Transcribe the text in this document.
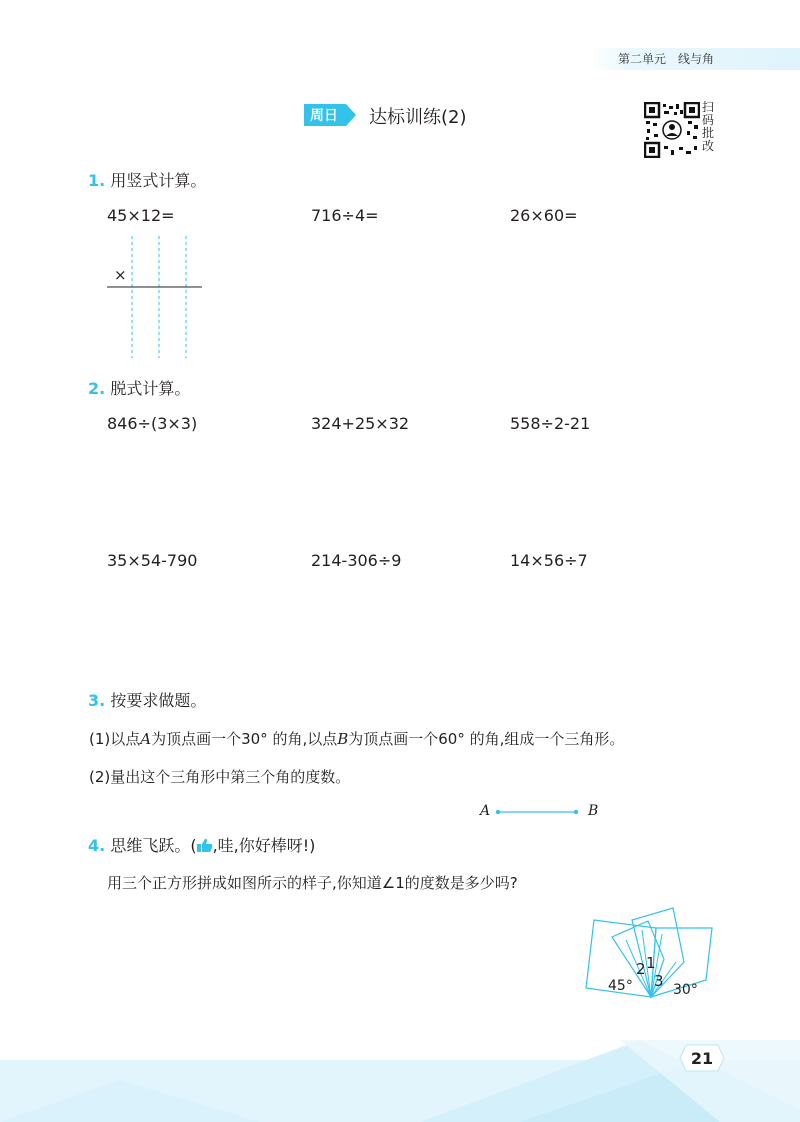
第二单元 线与角
周日	达标训练(2)	扫
码
批
改
1. 用竖式计算。
45×12=	716÷4=	26×60=
×
2. 脱式计算。
846÷(3×3)	324+25×32	558÷2-21
35×54-790	214-306÷9	14×56÷7
3. 按要求做题。
(1)以点A为顶点画一个30° 的角,以点B为顶点画一个60° 的角,组成一个三角形。
(2)量出这个三角形中第三个角的度数。
A	B
4. 思维飞跃。( ,哇,你好棒呀!)
用三个正方形拼成如图所示的样子,你知道∠1的度数是多少吗?
2 1
3
45°	30°
21
